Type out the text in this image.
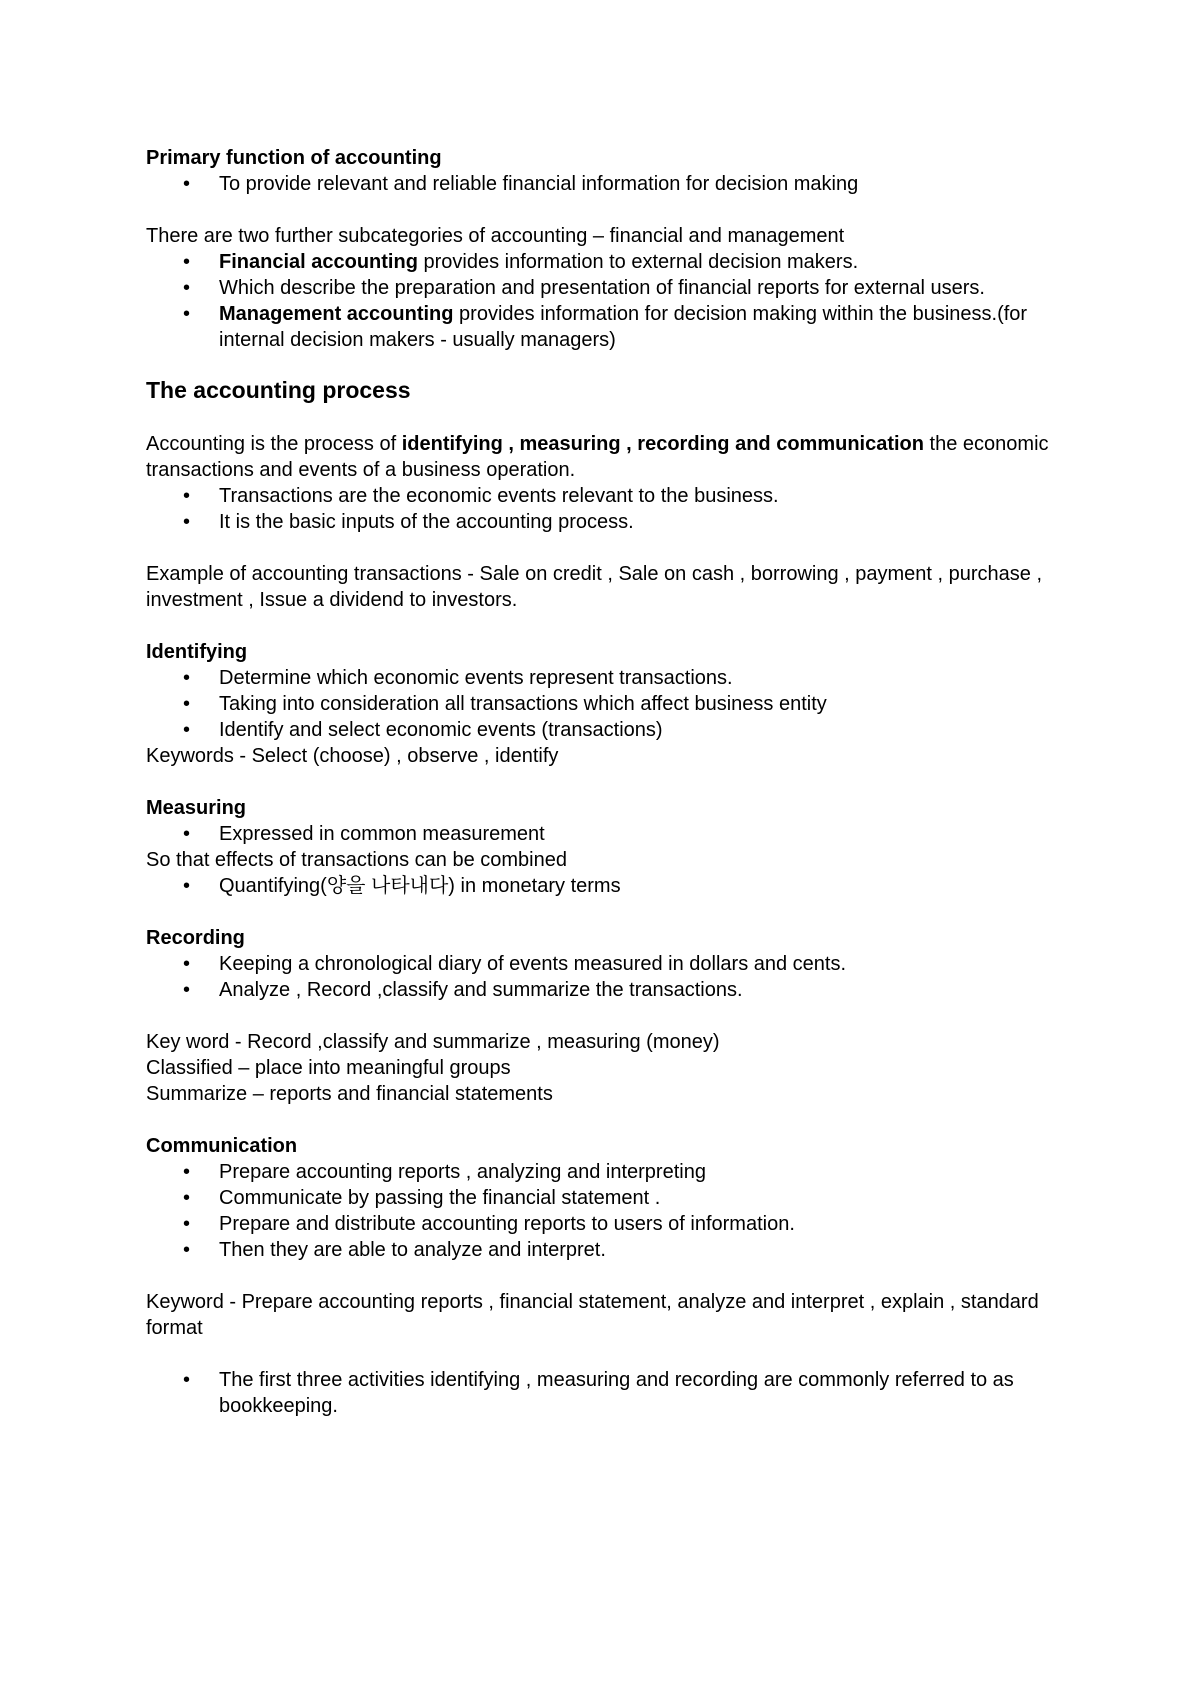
Primary function of accounting

• To provide relevant and reliable financial information for decision making

There are two further subcategories of accounting – financial and management

• Financial accounting provides information to external decision makers.
• Which describe the preparation and presentation of financial reports for external users.
• Management accounting provides information for decision making within the business.(for internal decision makers - usually managers)
The accounting process

Accounting is the process of identifying , measuring , recording and communication the economic transactions and events of a business operation.

• Transactions are the economic events relevant to the business.
• It is the basic inputs of the accounting process.

Example of accounting transactions - Sale on credit , Sale on cash , borrowing , payment , purchase , investment , Issue a dividend to investors.

Identifying

• Determine which economic events represent transactions.
• Taking into consideration all transactions which affect business entity
• Identify and select economic events (transactions)

Keywords - Select (choose) , observe , identify

Measuring

• Expressed in common measurement

So that effects of transactions can be combined

• Quantifying(양을 나타내다) in monetary terms

Recording

• Keeping a chronological diary of events measured in dollars and cents.
• Analyze , Record ,classify and summarize the transactions.

Key word - Record ,classify and summarize , measuring (money)

Classified – place into meaningful groups

Summarize – reports and financial statements

Communication

• Prepare accounting reports , analyzing and interpreting
• Communicate by passing the financial statement .
• Prepare and distribute accounting reports to users of information.
• Then they are able to analyze and interpret.

Keyword - Prepare accounting reports , financial statement, analyze and interpret , explain , standard format

• The first three activities identifying , measuring and recording are commonly referred to as bookkeeping.
